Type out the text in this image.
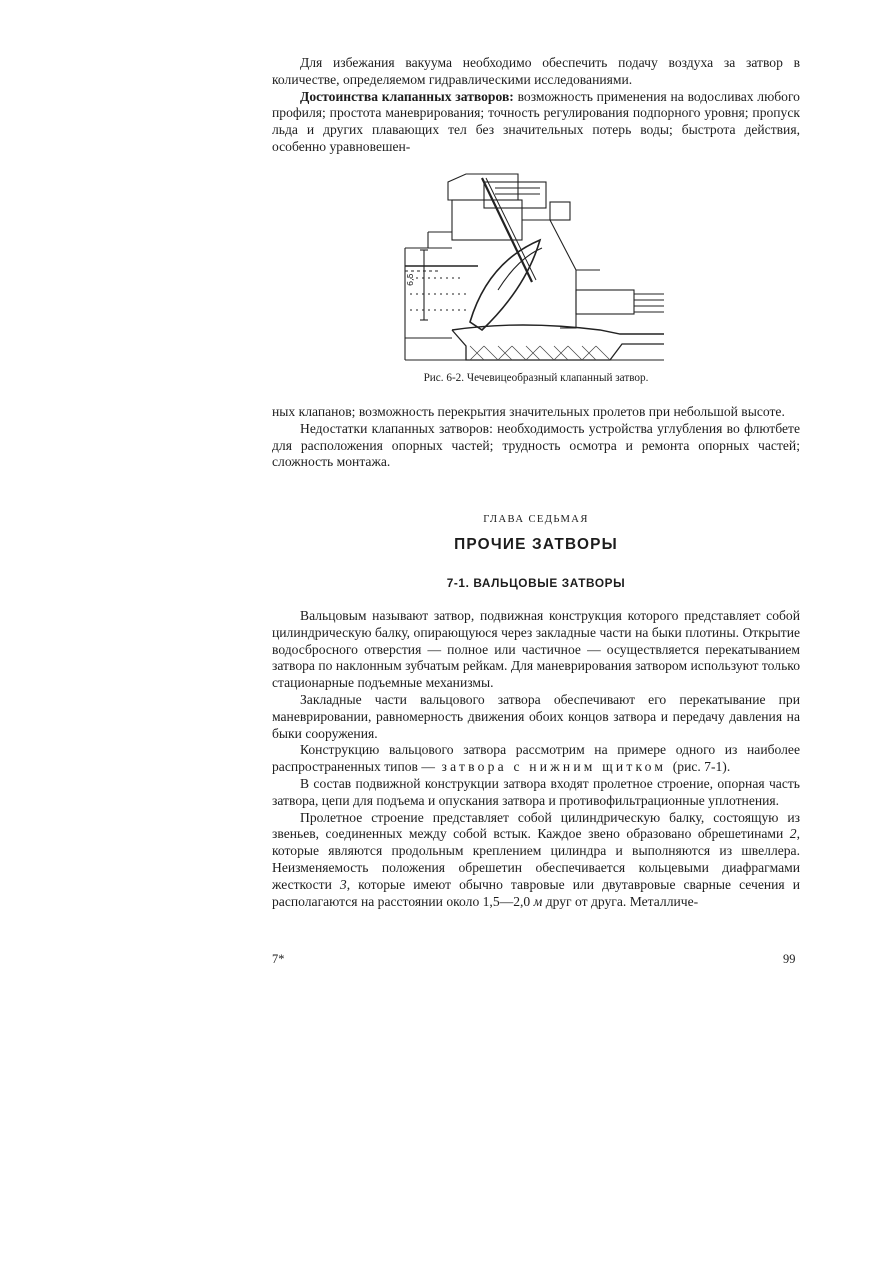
Для избежания вакуума необходимо обеспечить подачу воздуха за затвор в количестве, определяемом гидравлическими исследованиями.

Достоинства клапанных затворов: возможность применения на водосливах любого профиля; простота маневрирования; точность регулирования подпорного уровня; пропуск льда и других плавающих тел без значительных потерь воды; быстрота действия, особенно уравновешен-

6,5
Рис. 6-2. Чечевицеобразный клапанный затвор.

ных клапанов; возможность перекрытия значительных пролетов при небольшой высоте.

Недостатки клапанных затворов: необходимость устройства углубления во флютбете для расположения опорных частей; трудность осмотра и ремонта опорных частей; сложность монтажа.

ГЛАВА СЕДЬМАЯ
ПРОЧИЕ ЗАТВОРЫ
7-1. ВАЛЬЦОВЫЕ ЗАТВОРЫ

Вальцовым называют затвор, подвижная конструкция которого представляет собой цилиндрическую балку, опирающуюся через закладные части на быки плотины. Открытие водосбросного отверстия — полное или частичное — осуществляется перекатыванием затвора по наклонным зубчатым рейкам. Для маневрирования затвором используют только стационарные подъемные механизмы.

Закладные части вальцового затвора обеспечивают его перекатывание при маневрировании, равномерность движения обоих концов затвора и передачу давления на быки сооружения.

Конструкцию вальцового затвора рассмотрим на примере одного из наиболее распространенных типов — затвора с нижним щитком (рис. 7-1).

В состав подвижной конструкции затвора входят пролетное строение, опорная часть затвора, цепи для подъема и опускания затвора и противофильтрационные уплотнения.

Пролетное строение представляет собой цилиндрическую балку, состоящую из звеньев, соединенных между собой встык. Каждое звено образовано обрешетинами 2, которые являются продольным креплением цилиндра и выполняются из швеллера. Неизменяемость положения обрешетин обеспечивается кольцевыми диафрагмами жесткости 3, которые имеют обычно тавровые или двутавровые сварные сечения и располагаются на расстоянии около 1,5—2,0 м друг от друга. Металличе-

7*	99
